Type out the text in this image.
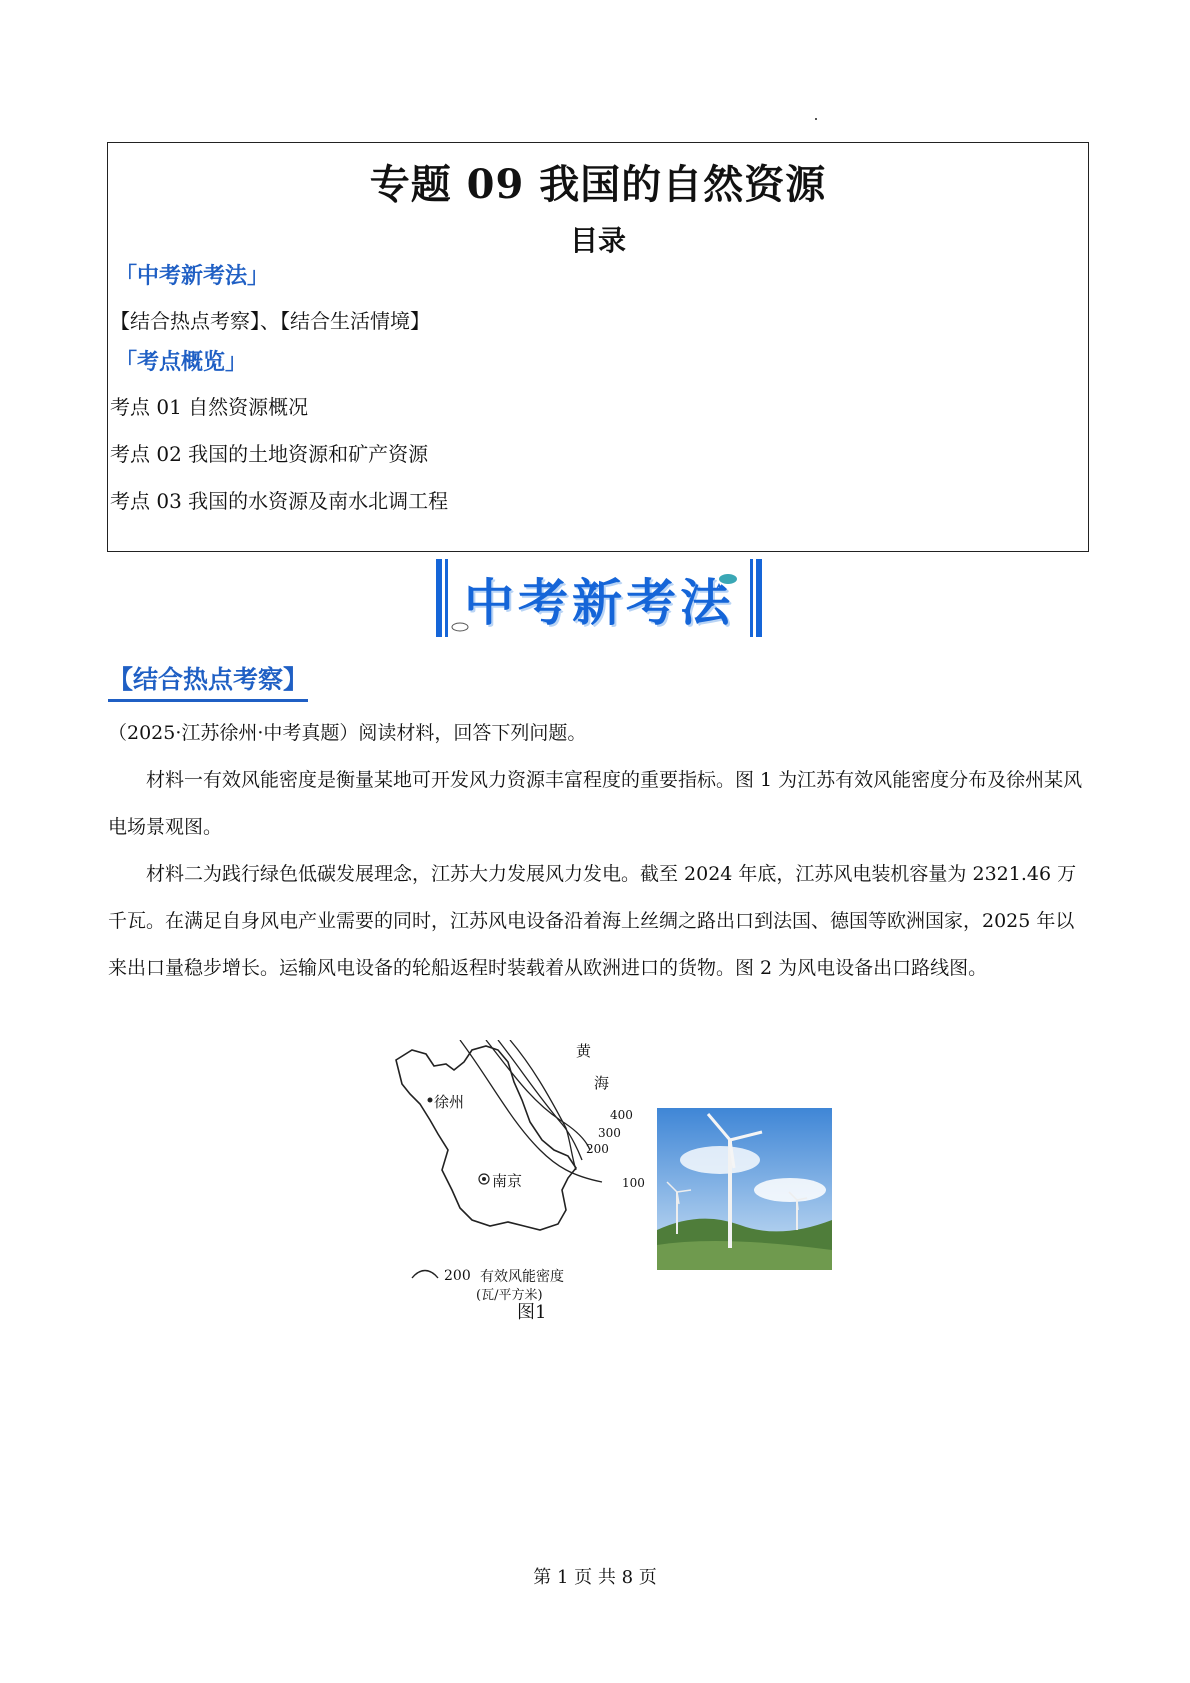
专题 09 我国的自然资源
目录
「中考新考法」
【结合热点考察】、【结合生活情境】
「考点概览」
考点 01 自然资源概况
考点 02 我国的土地资源和矿产资源
考点 03 我国的水资源及南水北调工程
中考新考法
【结合热点考察】
（2025·江苏徐州·中考真题）阅读材料，回答下列问题。
材料一有效风能密度是衡量某地可开发风力资源丰富程度的重要指标。图 1 为江苏有效风能密度分布及徐州某风电场景观图。
材料二为践行绿色低碳发展理念，江苏大力发展风力发电。截至 2024 年底，江苏风电装机容量为 2321.46 万千瓦。在满足自身风电产业需要的同时，江苏风电设备沿着海上丝绸之路出口到法国、德国等欧洲国家，2025 年以来出口量稳步增长。运输风电设备的轮船返程时装载着从欧洲进口的货物。图 2 为风电设备出口路线图。
黄
海
400
300
200
100
徐州
南京
200 有效风能密度
(瓦/平方米)
图1
第 1 页 共 8 页
